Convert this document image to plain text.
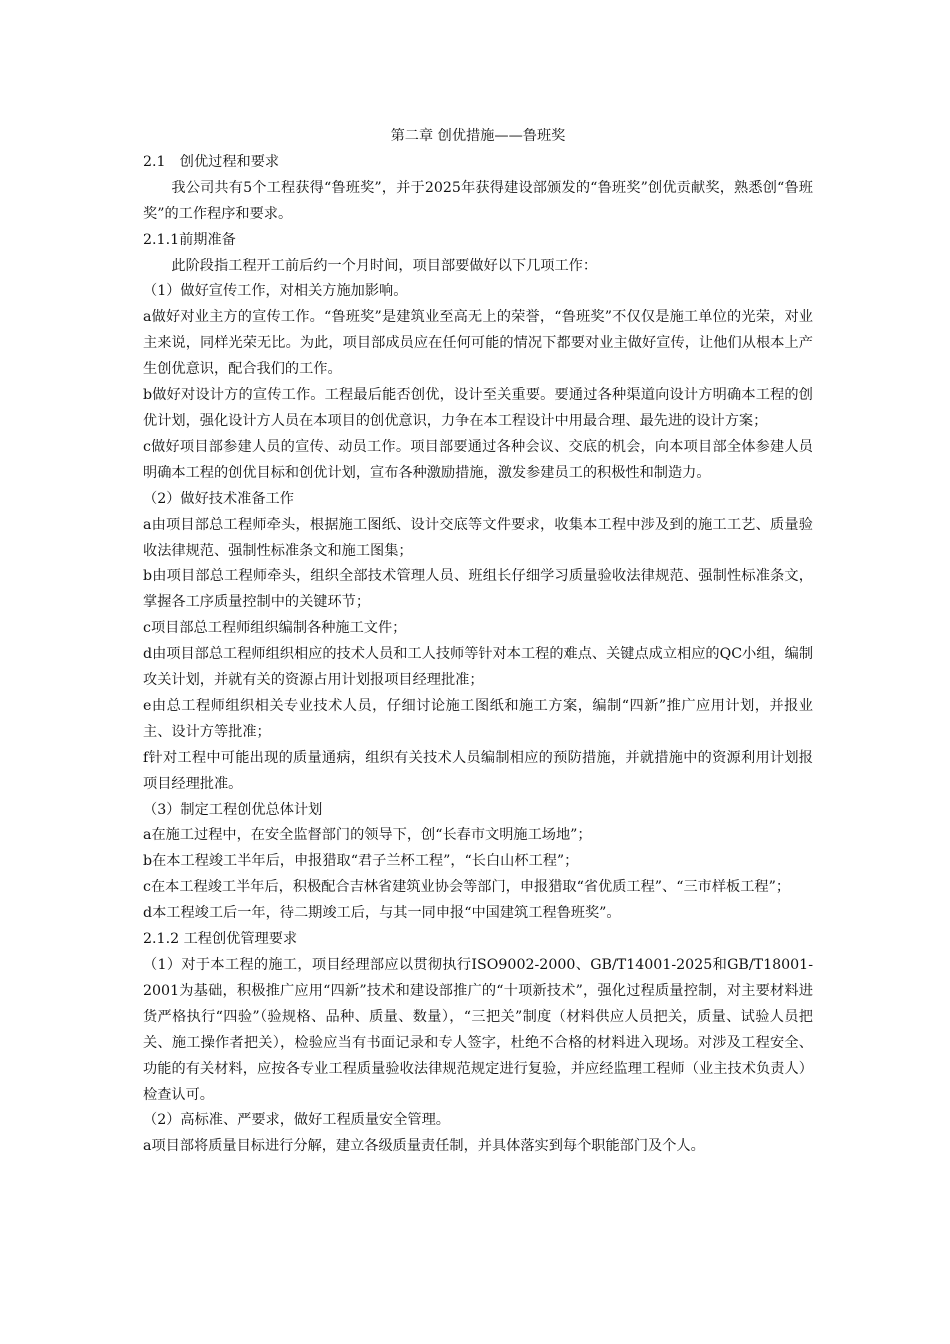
第二章 创优措施——鲁班奖

2.1　创优过程和要求

我公司共有5个工程获得“鲁班奖”，并于2025年获得建设部颁发的“鲁班奖”创优贡献奖，熟悉创“鲁班奖”的工作程序和要求。

2.1.1前期准备

此阶段指工程开工前后约一个月时间，项目部要做好以下几项工作：

（1）做好宣传工作，对相关方施加影响。

a做好对业主方的宣传工作。“鲁班奖”是建筑业至高无上的荣誉，“鲁班奖”不仅仅是施工单位的光荣，对业主来说，同样光荣无比。为此，项目部成员应在任何可能的情况下都要对业主做好宣传，让他们从根本上产生创优意识，配合我们的工作。

b做好对设计方的宣传工作。工程最后能否创优，设计至关重要。要通过各种渠道向设计方明确本工程的创优计划，强化设计方人员在本项目的创优意识，力争在本工程设计中用最合理、最先进的设计方案；

c做好项目部参建人员的宣传、动员工作。项目部要通过各种会议、交底的机会，向本项目部全体参建人员明确本工程的创优目标和创优计划，宣布各种激励措施，激发参建员工的积极性和制造力。

（2）做好技术准备工作

a由项目部总工程师牵头，根据施工图纸、设计交底等文件要求，收集本工程中涉及到的施工工艺、质量验收法律规范、强制性标准条文和施工图集；

b由项目部总工程师牵头，组织全部技术管理人员、班组长仔细学习质量验收法律规范、强制性标准条文，掌握各工序质量控制中的关键环节；

c项目部总工程师组织编制各种施工文件；

d由项目部总工程师组织相应的技术人员和工人技师等针对本工程的难点、关键点成立相应的QC小组，编制攻关计划，并就有关的资源占用计划报项目经理批准；

e由总工程师组织相关专业技术人员，仔细讨论施工图纸和施工方案，编制“四新”推广应用计划，并报业主、设计方等批准；

f针对工程中可能出现的质量通病，组织有关技术人员编制相应的预防措施，并就措施中的资源利用计划报项目经理批准。

（3）制定工程创优总体计划

a在施工过程中，在安全监督部门的领导下，创“长春市文明施工场地”；

b在本工程竣工半年后，申报猎取“君子兰杯工程”，“长白山杯工程”；

c在本工程竣工半年后，积极配合吉林省建筑业协会等部门，申报猎取“省优质工程”、“三市样板工程”；

d本工程竣工后一年，待二期竣工后，与其一同申报“中国建筑工程鲁班奖”。

2.1.2 工程创优管理要求

（1）对于本工程的施工，项目经理部应以贯彻执行ISO9002-2000、GB/T14001-2025和GB/T18001-2001为基础，积极推广应用“四新”技术和建设部推广的“十项新技术”，强化过程质量控制，对主要材料进货严格执行“四验”（验规格、品种、质量、数量），“三把关”制度（材料供应人员把关，质量、试验人员把关、施工操作者把关），检验应当有书面记录和专人签字，杜绝不合格的材料进入现场。对涉及工程安全、功能的有关材料，应按各专业工程质量验收法律规范规定进行复验，并应经监理工程师（业主技术负责人）检查认可。

（2）高标准、严要求，做好工程质量安全管理。

a项目部将质量目标进行分解，建立各级质量责任制，并具体落实到每个职能部门及个人。
